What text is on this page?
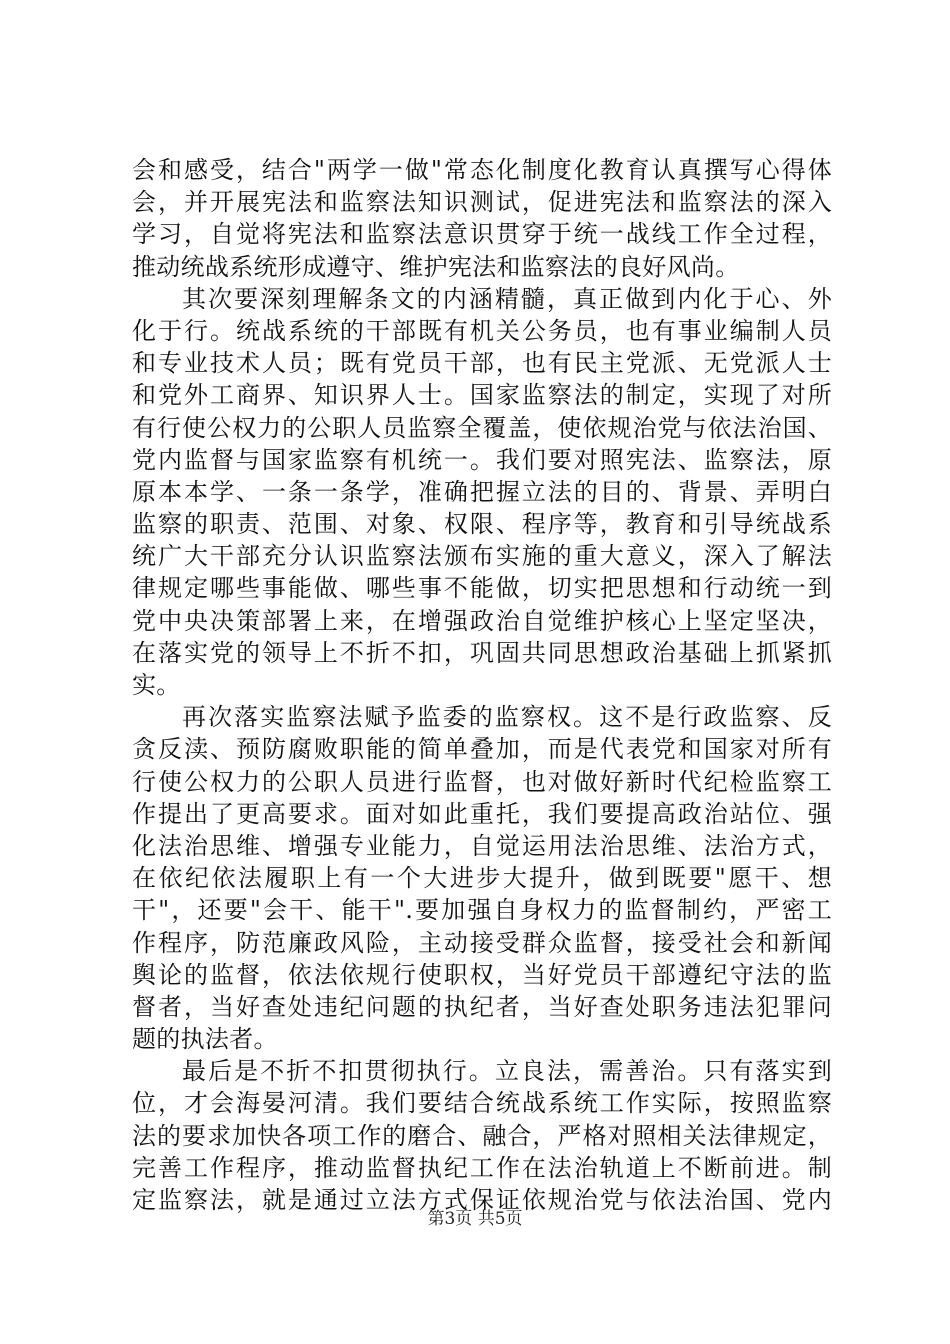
会和感受，结合"两学一做"常态化制度化教育认真撰写心得体
会，并开展宪法和监察法知识测试，促进宪法和监察法的深入
学习，自觉将宪法和监察法意识贯穿于统一战线工作全过程，
推动统战系统形成遵守、维护宪法和监察法的良好风尚。
其次要深刻理解条文的内涵精髓，真正做到内化于心、外
化于行。统战系统的干部既有机关公务员，也有事业编制人员
和专业技术人员；既有党员干部，也有民主党派、无党派人士
和党外工商界、知识界人士。国家监察法的制定，实现了对所
有行使公权力的公职人员监察全覆盖，使依规治党与依法治国、
党内监督与国家监察有机统一。我们要对照宪法、监察法，原
原本本学、一条一条学，准确把握立法的目的、背景、弄明白
监察的职责、范围、对象、权限、程序等，教育和引导统战系
统广大干部充分认识监察法颁布实施的重大意义，深入了解法
律规定哪些事能做、哪些事不能做，切实把思想和行动统一到
党中央决策部署上来，在增强政治自觉维护核心上坚定坚决，
在落实党的领导上不折不扣，巩固共同思想政治基础上抓紧抓
实。
再次落实监察法赋予监委的监察权。这不是行政监察、反
贪反渎、预防腐败职能的简单叠加，而是代表党和国家对所有
行使公权力的公职人员进行监督，也对做好新时代纪检监察工
作提出了更高要求。面对如此重托，我们要提高政治站位、强
化法治思维、增强专业能力，自觉运用法治思维、法治方式，
在依纪依法履职上有一个大进步大提升，做到既要"愿干、想
干"，还要"会干、能干".要加强自身权力的监督制约，严密工
作程序，防范廉政风险，主动接受群众监督，接受社会和新闻
舆论的监督，依法依规行使职权，当好党员干部遵纪守法的监
督者，当好查处违纪问题的执纪者，当好查处职务违法犯罪问
题的执法者。
最后是不折不扣贯彻执行。立良法，需善治。只有落实到
位，才会海晏河清。我们要结合统战系统工作实际，按照监察
法的要求加快各项工作的磨合、融合，严格对照相关法律规定，
完善工作程序，推动监督执纪工作在法治轨道上不断前进。制
定监察法，就是通过立法方式保证依规治党与依法治国、党内
第3页 共5页
